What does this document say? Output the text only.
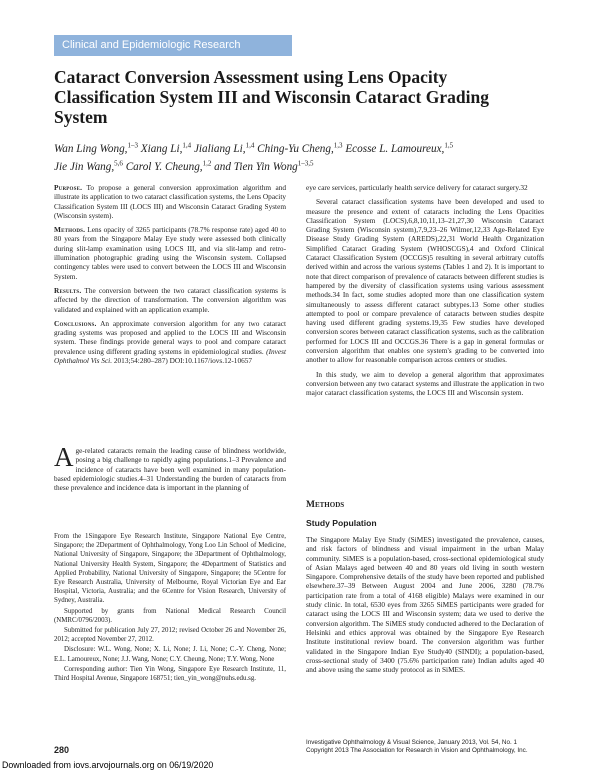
Clinical and Epidemiologic Research
Cataract Conversion Assessment using Lens Opacity Classification System III and Wisconsin Cataract Grading System
Wan Ling Wong,$^{1-3}$ Xiang Li,$^{1,4}$ Jialiang Li,$^{1,4}$ Ching-Yu Cheng,$^{1,3}$ Ecosse L. Lamoureux,$^{1,5}$
Jie Jin Wang,$^{5,6}$ Carol Y. Cheung,$^{1,2}$ and Tien Yin Wong$^{1-3,5}$

Purpose. To propose a general conversion approximation algorithm and illustrate its application to two cataract classification systems, the Lens Opacity Classification System III (LOCS III) and Wisconsin Cataract Grading System (Wisconsin system).

Methods. Lens opacity of 3265 participants (78.7% response rate) aged 40 to 80 years from the Singapore Malay Eye study were assessed both clinically during slit-lamp examination using LOCS III, and via slit-lamp and retro-illumination photographic grading using the Wisconsin system. Collapsed contingency tables were used to convert between the LOCS III and Wisconsin System.

Results. The conversion between the two cataract classification systems is affected by the direction of transformation. The conversion algorithm was validated and explained with an application example.

Conclusions. An approximate conversion algorithm for any two cataract grading systems was proposed and applied to the LOCS III and Wisconsin system. These findings provide general ways to pool and compare cataract prevalence using different grading systems in epidemiological studies. (Invest Ophthalmol Vis Sci. 2013;54:280–287) DOI:10.1167/iovs.12-10657

Age-related cataracts remain the leading cause of blindness worldwide, posing a big challenge to rapidly aging populations.1–3 Prevalence and incidence of cataracts have been well examined in many population-based epidemiologic studies.4–31 Understanding the burden of cataracts from these prevalence and incidence data is important in the planning of

From the 1Singapore Eye Research Institute, Singapore National Eye Centre, Singapore; the 2Department of Ophthalmology, Yong Loo Lin School of Medicine, National University of Singapore, Singapore; the 3Department of Ophthalmology, National University Health System, Singapore; the 4Department of Statistics and Applied Probability, National University of Singapore, Singapore; the 5Centre for Eye Research Australia, University of Melbourne, Royal Victorian Eye and Ear Hospital, Victoria, Australia; and the 6Centre for Vision Research, University of Sydney, Australia.

Supported by grants from National Medical Research Council (NMRC/0796/2003).

Submitted for publication July 27, 2012; revised October 26 and November 26, 2012; accepted November 27, 2012.

Disclosure: W.L. Wong, None; X. Li, None; J. Li, None; C.-Y. Cheng, None; E.L. Lamoureux, None; J.J. Wang, None; C.Y. Cheung, None; T.Y. Wong, None

Corresponding author: Tien Yin Wong, Singapore Eye Research Institute, 11, Third Hospital Avenue, Singapore 168751; tien_yin_wong@nuhs.edu.sg.

eye care services, particularly health service delivery for cataract surgery.32

Several cataract classification systems have been developed and used to measure the presence and extent of cataracts including the Lens Opacities Classification System (LOCS),6,8,10,11,13–21,27,30 Wisconsin Cataract Grading System (Wisconsin system),7,9,23–26 Wilmer,12,33 Age-Related Eye Disease Study Grading System (AREDS),22,31 World Health Organization Simplified Cataract Grading System (WHOSCGS),4 and Oxford Clinical Cataract Classification System (OCCGS)5 resulting in several arbitrary cutoffs derived within and across the various systems (Tables 1 and 2). It is important to note that direct comparison of prevalence of cataracts between different studies is hampered by the diversity of classification systems using various assessment methods.34 In fact, some studies adopted more than one classification system simultaneously to assess different cataract subtypes.13 Some other studies attempted to pool or compare prevalence of cataracts between studies despite having used different grading systems.19,35 Few studies have developed conversion scores between cataract classification systems, such as the calibration performed for LOCS III and OCCGS.36 There is a gap in general formulas or conversion algorithm that enables one system's grading to be converted into another to allow for reasonable comparison across centers or studies.

In this study, we aim to develop a general algorithm that approximates conversion between any two cataract systems and illustrate the application in two major cataract classification systems, the LOCS III and Wisconsin system.

Methods
Study Population

The Singapore Malay Eye Study (SiMES) investigated the prevalence, causes, and risk factors of blindness and visual impairment in the urban Malay community. SiMES is a population-based, cross-sectional epidemiological study of Asian Malays aged between 40 and 80 years old living in south western Singapore. Comprehensive details of the study have been reported and published elsewhere.37–39 Between August 2004 and June 2006, 3280 (78.7% participation rate from a total of 4168 eligible) Malays were examined in our study clinic. In total, 6530 eyes from 3265 SiMES participants were graded for cataract using the LOCS III and Wisconsin system; data we used to derive the conversion algorithm. The SiMES study conducted adhered to the Declaration of Helsinki and ethics approval was obtained by the Singapore Eye Research Institute institutional review board. The conversion algorithm was further validated in the Singapore Indian Eye Study40 (SINDI); a population-based, cross-sectional study of 3400 (75.6% participation rate) Indian adults aged 40 and above using the same study protocol as in SiMES.

280
Investigative Ophthalmology & Visual Science, January 2013, Vol. 54, No. 1
Copyright 2013 The Association for Research in Vision and Ophthalmology, Inc.
Downloaded from iovs.arvojournals.org on 06/19/2020
